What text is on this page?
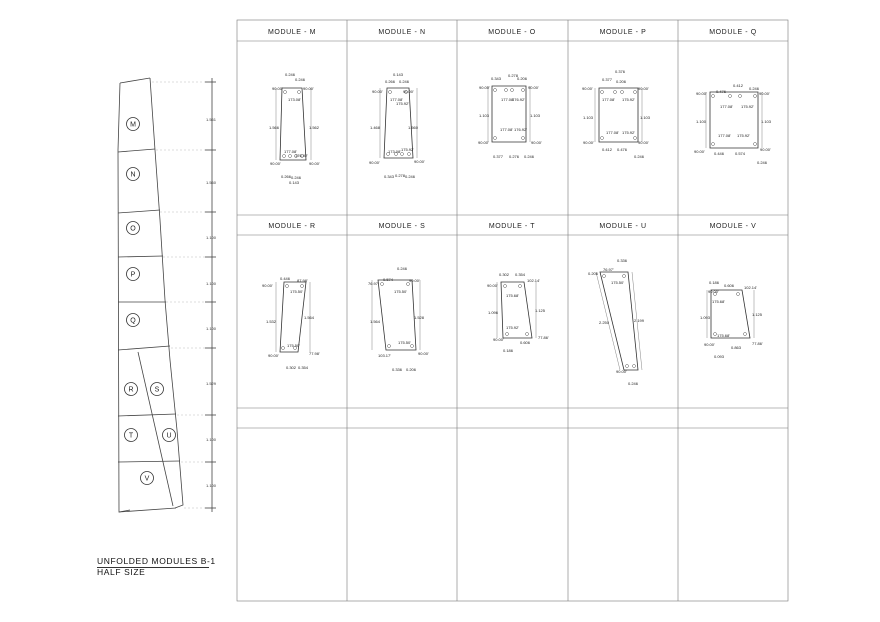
M
N
O
P
Q
R	S
T	U
V
1.561
1.560
1.100
1.100
1.100
1.529
1.100
1.100
MODULE - M	MODULE - N	MODULE - O	MODULE - P	MODULE - Q
MODULE - R	MODULE - S	MODULE - T	MODULE - U	MODULE - V
0.246
0.246
90.00'	90.00'
173.08'
1.566	1.562
177.08'
176.92'
90.00'	90.00'
0.266 0.246
0.143
0.143
0.266 0.246
90.00'	90.00'
177.08'
175.92'
1.468	1.560
173.08' 175.92'
90.00'	90.00'
0.343 0.278 0.246
0.343
0.278
0.206
90.00'	90.00'
177.08'
176.92'
1.103	1.103
177.08' 176.92'
90.00'	90.00'
0.377 0.276 0.246
0.376
0.377 0.206
90.00'	90.00'
177.08' 175.92'
1.103	1.103
177.08' 175.92'
90.00'	90.00'
0.412 0.476
0.246
0.412
0.476
0.246
90.00'	90.00'
177.08' 175.92'
1.100	1.103
177.08' 175.92'
90.00'	90.00'
0.446	0.574
0.246
0.446 87.98'
90.00'
175.50'
1.532
1.564
175.50'
90.00'	77.98'
0.302 0.354
0.246
76.97'
0.574	90.00'
175.50'
1.564
1.528
175.50'
103.17'	90.00'
0.336 0.206
0.302 0.354
90.00'
102.14'
175.68'
1.096	1.125
175.92'
90.00'	77.86'
0.186
0.606
0.336
0.206
76.97'
175.50'
2.250	2.199
90.00'
0.246
0.186
0.606
90.00'
102.14'
175.68'
1.093
1.125
175.68'
90.00'	77.86'
0.093
0.863
UNFOLDED MODULES B-1
HALF SIZE
